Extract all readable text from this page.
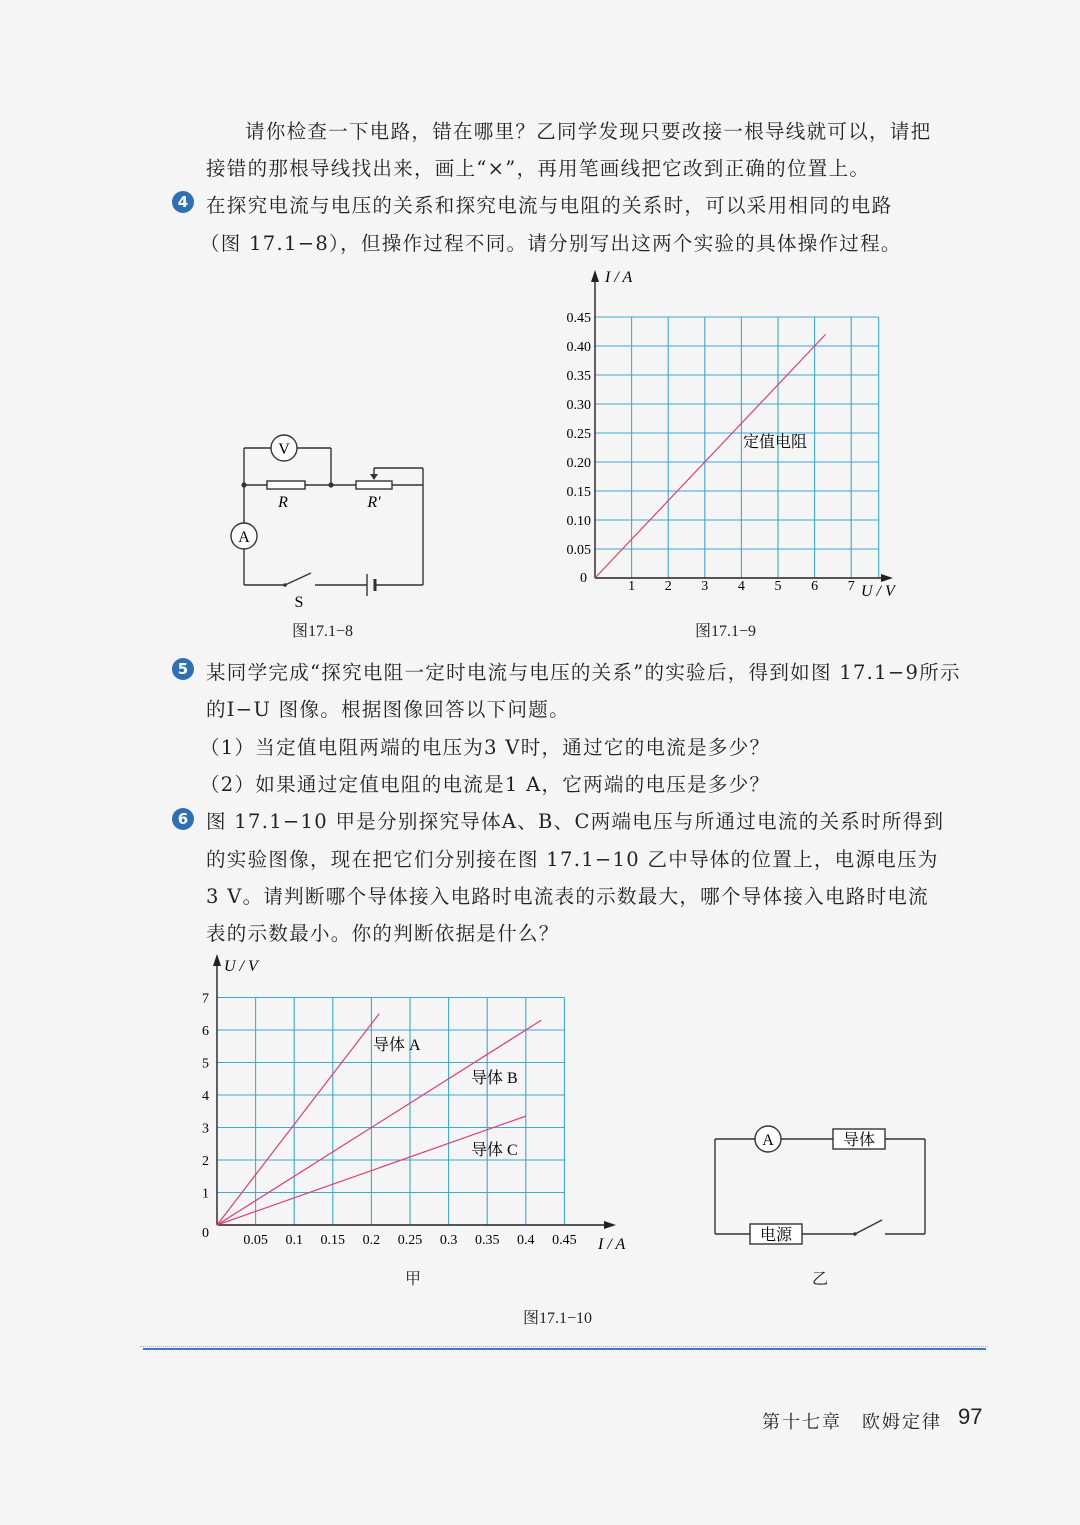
请你检查一下电路，错在哪里？乙同学发现只要改接一根导线就可以，请把
接错的那根导线找出来，画上“×”，再用笔画线把它改到正确的位置上。
4 在探究电流与电压的关系和探究电流与电阻的关系时，可以采用相同的电路
（图 17.1−8），但操作过程不同。请分别写出这两个实验的具体操作过程。
V
A
R	R′
S
图17.1−8
0.05
0.10
0.15
0.20
0.25
0.30
0.35
0.40
0.45
1 2 3 4 5 6 7
I / A
U / V
0
定值电阻
图17.1−9
5 某同学完成“探究电阻一定时电流与电压的关系”的实验后，得到如图 17.1−9所示
的I−U 图像。根据图像回答以下问题。
（1）当定值电阻两端的电压为3 V时，通过它的电流是多少？
（2）如果通过定值电阻的电流是1 A，它两端的电压是多少？
6 图 17.1−10 甲是分别探究导体A、B、C两端电压与所通过电流的关系时所得到
的实验图像，现在把它们分别接在图 17.1−10 乙中导体的位置上，电源电压为
3 V。请判断哪个导体接入电路时电流表的示数最大，哪个导体接入电路时电流
表的示数最小。你的判断依据是什么？
1
2
3
4
5
6
7
0.05 0.1 0.15 0.2 0.25 0.3 0.35 0.4 0.45
U / V
I / A
0
导体 A
导体 B
导体 C
甲
A	导体
电源
乙
图17.1−10
第十七章　欧姆定律 97
